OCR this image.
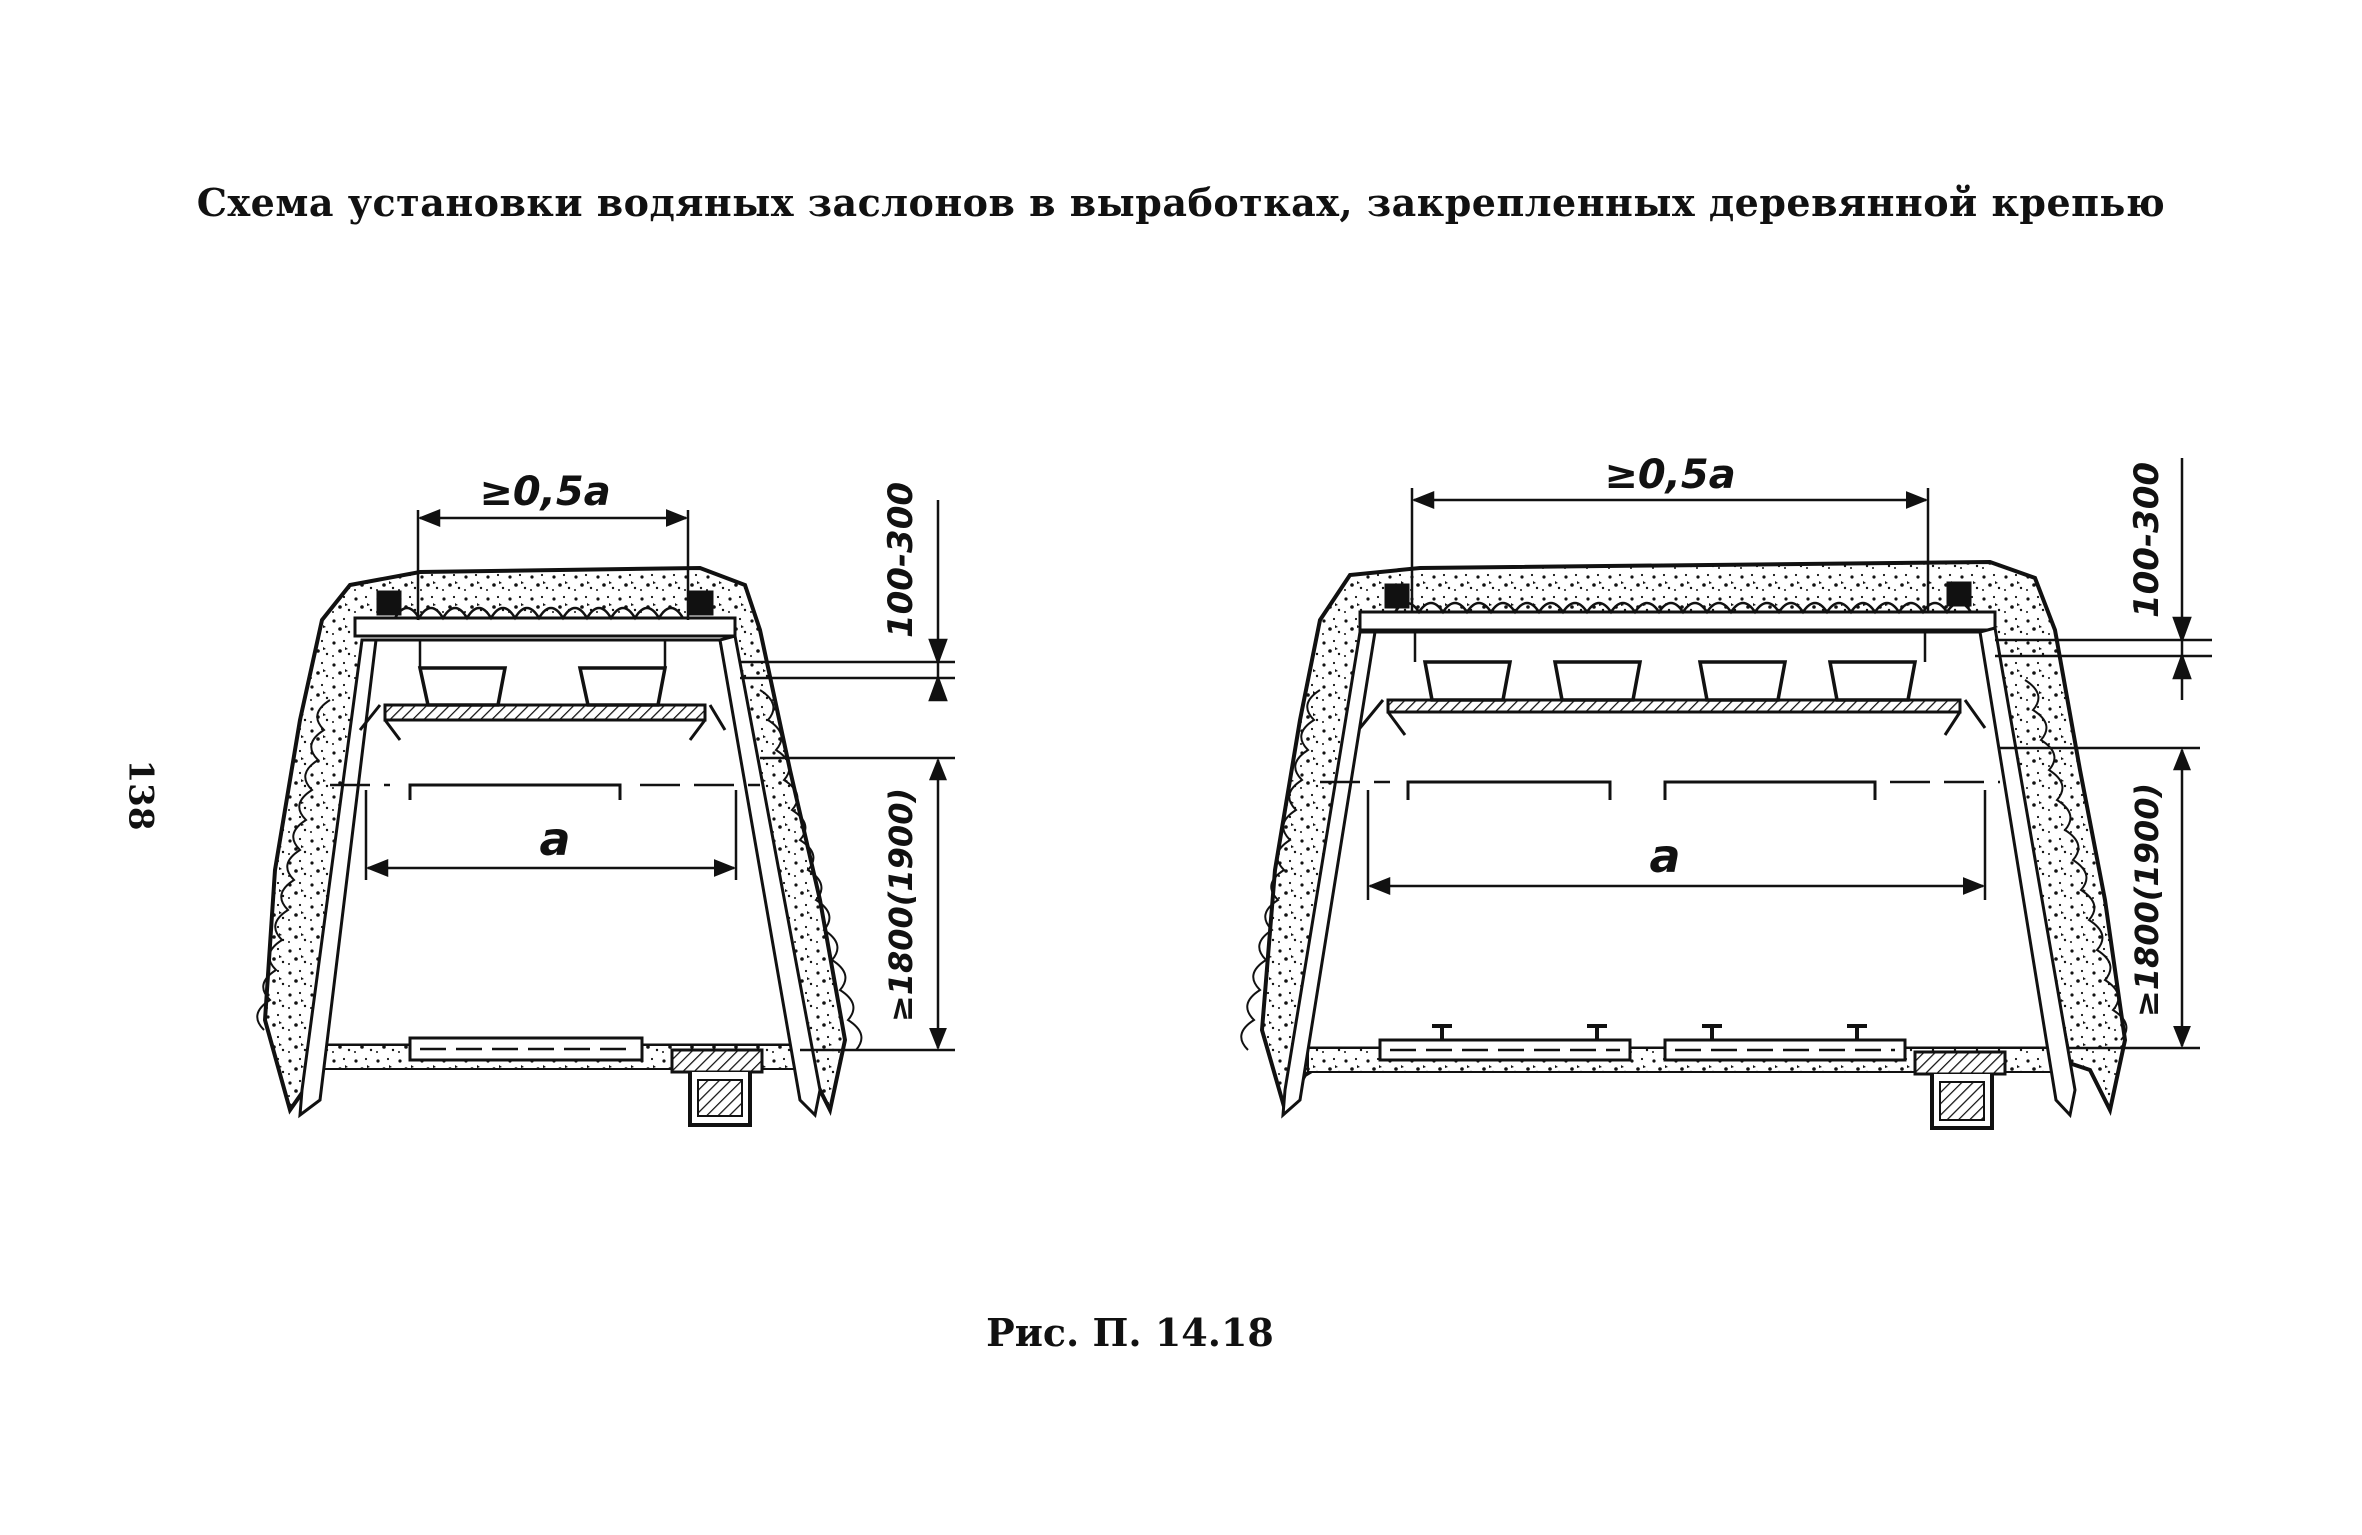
Схема установки водяных заслонов в выработках, закрепленных деревянной крепью
138
Рис. П. 14.18
≥0,5a
a
100-300
≥1800(1900)
≥0,5a
a
100-300
≥1800(1900)
